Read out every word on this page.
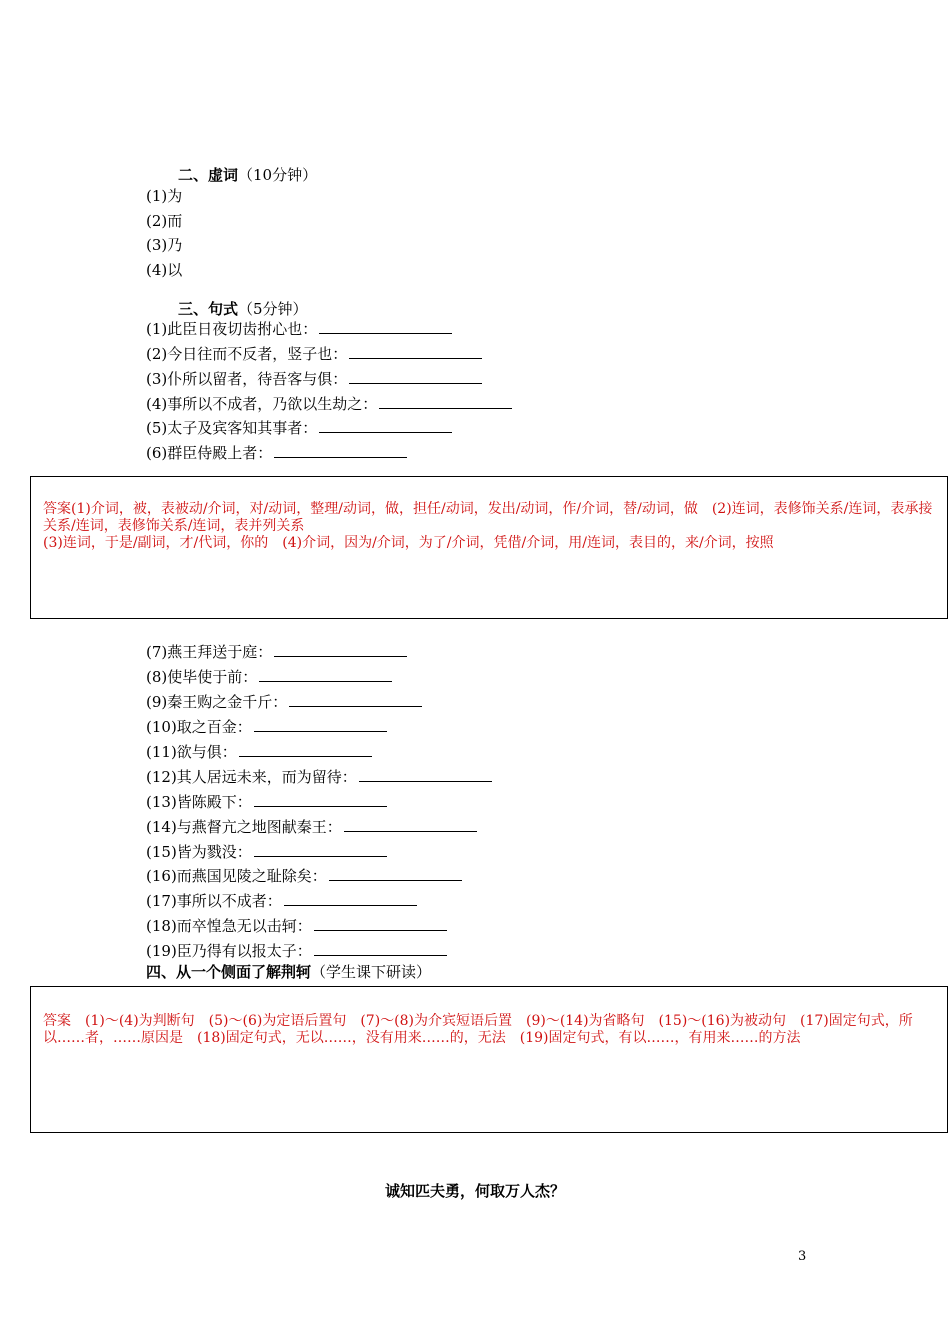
二、虚词（10分钟）
(1)为
(2)而
(3)乃
(4)以
三、句式（5分钟）
(1)此臣日夜切齿拊心也：
(2)今日往而不反者，竖子也：
(3)仆所以留者，待吾客与俱：
(4)事所以不成者，乃欲以生劫之：
(5)太子及宾客知其事者：
(6)群臣侍殿上者：
答案(1)介词，被，表被动/介词，对/动词，整理/动词，做，担任/动词，发出/动词，作/介词，替/动词，做　(2)连词，表修饰关系/连词，表承接关系/连词，表修饰关系/连词，表并列关系
(3)连词，于是/副词，才/代词，你的　(4)介词，因为/介词，为了/介词，凭借/介词，用/连词，表目的，来/介词，按照
(7)燕王拜送于庭：
(8)使毕使于前：
(9)秦王购之金千斤：
(10)取之百金：
(11)欲与俱：
(12)其人居远未来，而为留待：
(13)皆陈殿下：
(14)与燕督亢之地图献秦王：
(15)皆为戮没：
(16)而燕国见陵之耻除矣：
(17)事所以不成者：
(18)而卒惶急无以击轲：
(19)臣乃得有以报太子：
四、从一个侧面了解荆轲（学生课下研读）
答案　(1)～(4)为判断句　(5)～(6)为定语后置句　(7)～(8)为介宾短语后置　(9)～(14)为省略句　(15)～(16)为被动句　(17)固定句式，所以……者，……原因是　(18)固定句式，无以……，没有用来……的，无法　(19)固定句式，有以……，有用来……的方法
诚知匹夫勇，何取万人杰？
3
